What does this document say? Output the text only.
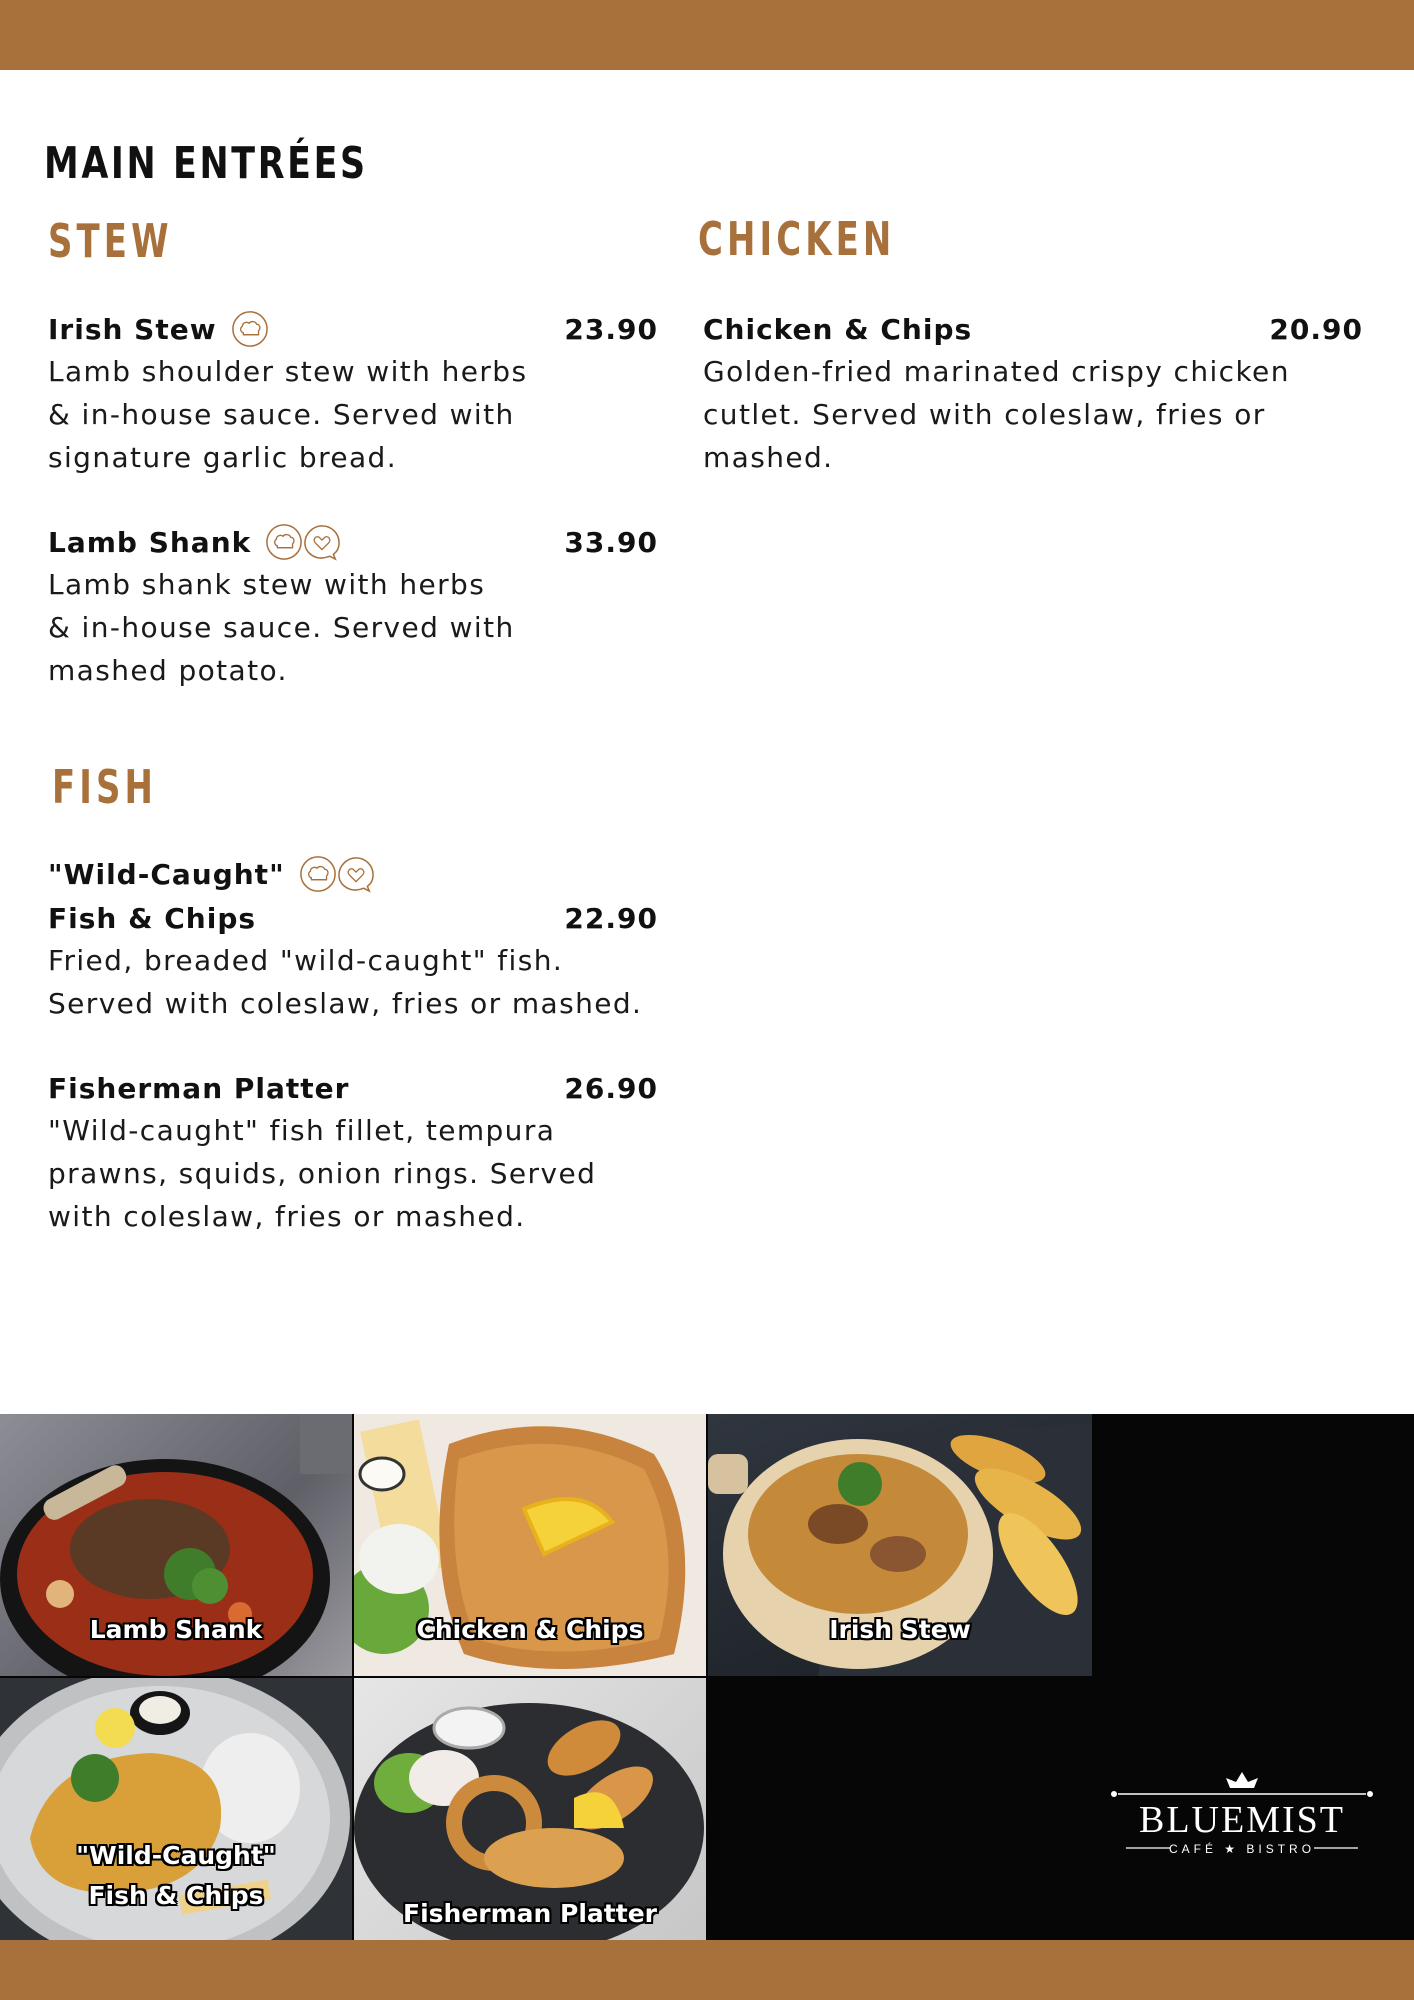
MAIN ENTRÉES
STEW
Irish Stew	23.90
Lamb shoulder stew with herbs
& in-house sauce. Served with
signature garlic bread.
Lamb Shank	33.90
Lamb shank stew with herbs
& in-house sauce. Served with
mashed potato.
CHICKEN
Chicken & Chips	20.90
Golden-fried marinated crispy chicken
cutlet. Served with coleslaw, fries or
mashed.
FISH
"Wild-Caught"
Fish & Chips	22.90
Fried, breaded "wild-caught" fish.
Served with coleslaw, fries or mashed.
Fisherman Platter	26.90
"Wild-caught" fish fillet, tempura
prawns, squids, onion rings. Served
with coleslaw, fries or mashed.
Lamb Shank	Chicken & Chips	Irish Stew
"Wild-Caught"
Fish & Chips
Fisherman Platter
BLUEMIST
CAFÉ ★ BISTRO
